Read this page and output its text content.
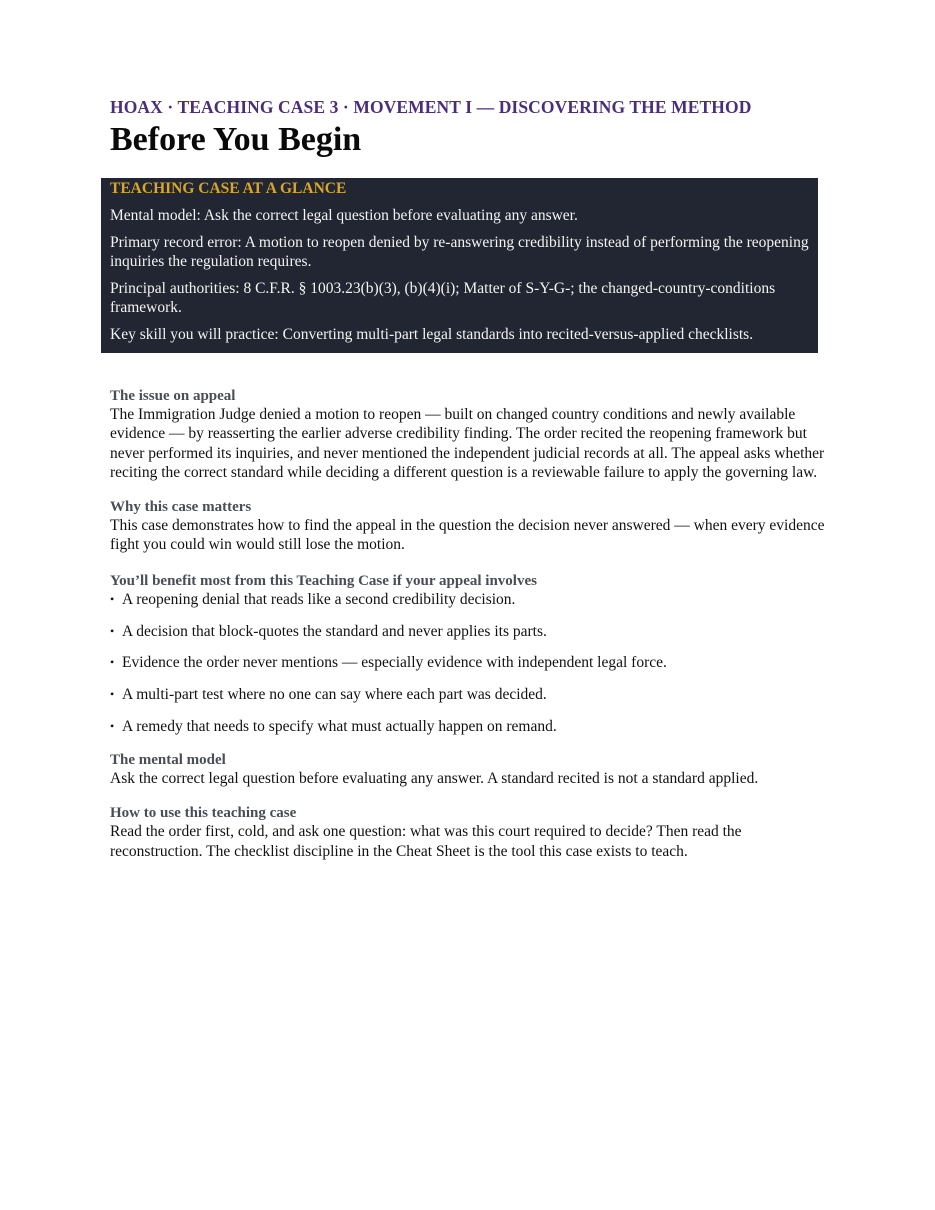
HOAX · TEACHING CASE 3 · MOVEMENT I — DISCOVERING THE METHOD

Before You Begin

TEACHING CASE AT A GLANCE

Mental model: Ask the correct legal question before evaluating any answer.

Primary record error: A motion to reopen denied by re-answering credibility instead of performing the reopening inquiries the regulation requires.

Principal authorities: 8 C.F.R. § 1003.23(b)(3), (b)(4)(i); Matter of S-Y-G-; the changed-country-conditions framework.

Key skill you will practice: Converting multi-part legal standards into recited-versus-applied checklists.

The issue on appeal

The Immigration Judge denied a motion to reopen — built on changed country conditions and newly available evidence — by reasserting the earlier adverse credibility finding. The order recited the reopening framework but never performed its inquiries, and never mentioned the independent judicial records at all. The appeal asks whether reciting the correct standard while deciding a different question is a reviewable failure to apply the governing law.

Why this case matters

This case demonstrates how to find the appeal in the question the decision never answered — when every evidence fight you could win would still lose the motion.

You’ll benefit most from this Teaching Case if your appeal involves

• A reopening denial that reads like a second credibility decision.
• A decision that block-quotes the standard and never applies its parts.
• Evidence the order never mentions — especially evidence with independent legal force.
• A multi-part test where no one can say where each part was decided.
• A remedy that needs to specify what must actually happen on remand.

The mental model

Ask the correct legal question before evaluating any answer. A standard recited is not a standard applied.

How to use this teaching case

Read the order first, cold, and ask one question: what was this court required to decide? Then read the reconstruction. The checklist discipline in the Cheat Sheet is the tool this case exists to teach.
